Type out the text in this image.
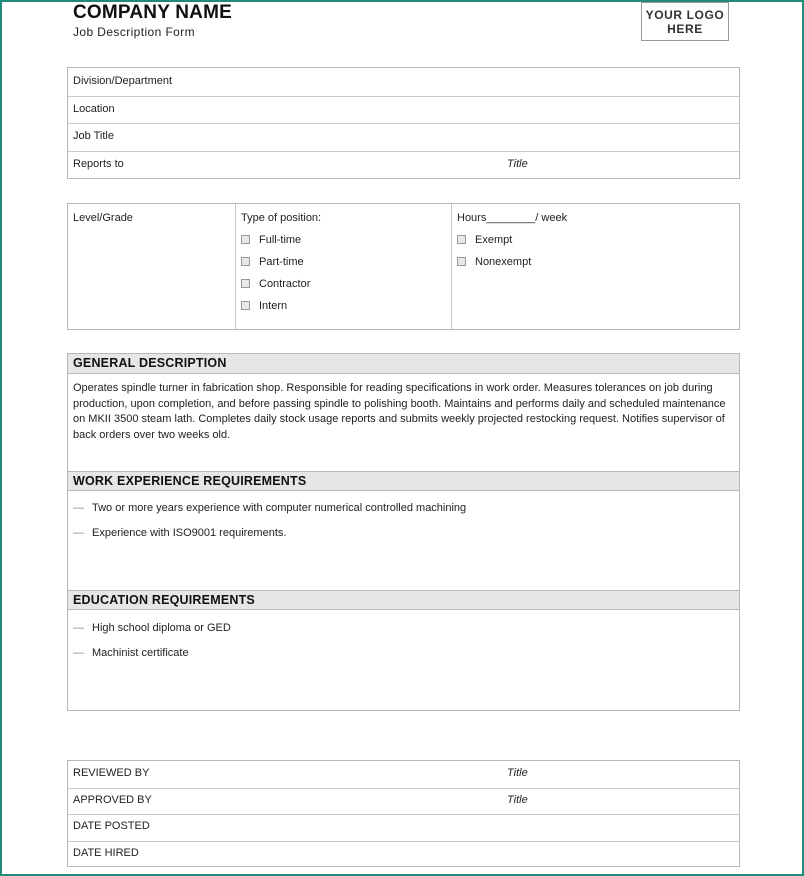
COMPANY NAME
Job Description Form
YOUR LOGO
HERE
Division/Department
Location
Job Title
Reports to	Title
Level/Grade	Type of position:
Full-time
Part-time
Contractor
Intern
Hours________/ week
Exempt
Nonexempt
GENERAL DESCRIPTION
Operates spindle turner in fabrication shop. Responsible for reading specifications in work order. Measures tolerances on job during production, upon completion, and before passing spindle to polishing booth. Maintains and performs daily and scheduled maintenance on MKII 3500 steam lath. Completes daily stock usage reports and submits weekly projected restocking request. Notifies supervisor of back orders over two weeks old.
WORK EXPERIENCE REQUIREMENTS
— Two or more years experience with computer numerical controlled machining
— Experience with ISO9001 requirements.
EDUCATION REQUIREMENTS
— High school diploma or GED
— Machinist certificate
REVIEWED BY	Title
APPROVED BY	Title
DATE POSTED
DATE HIRED
